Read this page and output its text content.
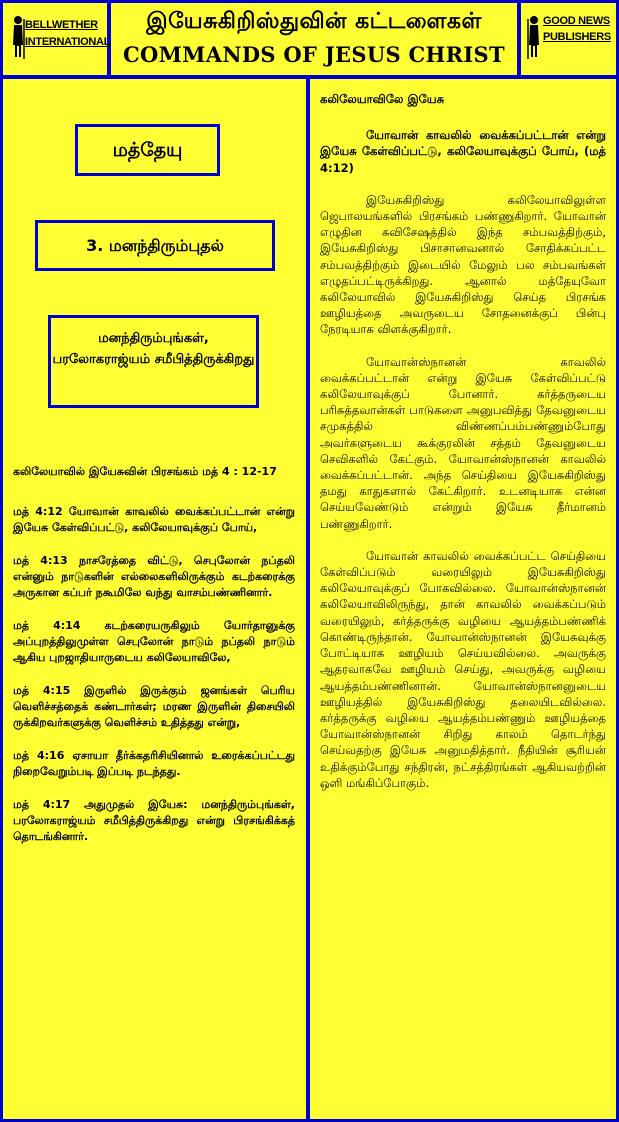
BELLWETHER
INTERNATIONAL
இயேசுகிறிஸ்துவின் கட்டளைகள்
COMMANDS OF JESUS CHRIST
GOOD NEWS
PUBLISHERS
மத்தேயு
3. மனந்திரும்புதல்
மனந்திரும்புங்கள், பரலோகராஜ்யம் சமீபித்திருக்கிறது

கலிலேயாவில் இயேசுவின் பிரசங்கம் மத் 4 : 12-17

மத் 4:12 யோவான் காவலில் வைக்கப்பட்டான் என்று இயேசு கேள்விப்பட்டு, கலிலேயாவுக்குப் போய்,

மத் 4:13 நாசரேத்தை விட்டு, செபுலோன் நப்தலி என்னும் நாடுகளின் எல்லைகளிலிருக்கும் கடற்கரைக்கு அருகான கப்பர் நகூமிலே வந்து வாசம்பண்ணினார்.

மத் 4:14 கடற்கரையருகிலும் யோர்தானுக்கு அப்புறத்திலுமுள்ள செபுலோன் நாடும் நப்தலி நாடும் ஆகிய புறஜாதியாருடைய கலிலேயாவிலே,

மத் 4:15 இருளில் இருக்கும் ஜனங்கள் பெரிய வெளிச்சத்தைக் கண்டார்கள்; மரண இருளின் திசையிலி ருக்கிறவர்களுக்கு வெளிச்சம் உதித்தது என்று,

மத் 4:16 ஏசாயா தீர்க்கதரிசியினால் உரைக்கப்பட்டது நிறைவேறும்படி இப்படி நடந்தது.

மத் 4:17 அதுமுதல் இயேசு: மனந்திரும்புங்கள், பரலோகராஜ்யம் சமீபித்திருக்கிறது என்று பிரசங்கிக்கத் தொடங்கினார்.

கலிலேயாவிலே இயேசு

யோவான் காவலில் வைக்கப்பட்டான் என்று இயேசு கேள்விப்பட்டு, கலிலேயாவுக்குப் போய், (மத் 4:12)

இயேசுகிறிஸ்து கலிலேயாவிலுள்ள ஜெபாலயங்களில் பிரசங்கம் பண்ணுகிறார். யோவான் எழுதின சுவிசேஷத்தில் இந்த சம்பவத்திற்கும், இயேசுகிறிஸ்து பிசாசானவனால் சோதிக்கப்பட்ட சம்பவத்திற்கும் இடையில் மேலும் பல சம்பவங்கள் எழுதப்பட்டிருக்கிறது. ஆனால் மத்தேயுவோ கலிலேயாவில் இயேசுகிறிஸ்து செய்த பிரசங்க ஊழியத்தை அவருடைய சோதனைக்குப் பின்பு நேரடியாக விளக்குகிறார்.

யோவான்ஸ்நானன் காவலில் வைக்கப்பட்டான் என்று இயேசு கேள்விப்பட்டு கலிலேயாவுக்குப் போனார். கர்த்தருடைய பரிசுத்தவான்கள் பாடுகளை அனுபவித்து தேவனுடைய சமுகத்தில் விண்ணப்பம்பண்ணும்போது அவர்களுடைய கூக்குரலின் சத்தம் தேவனுடைய செவிகளில் கேட்கும். யோவான்ஸ்நானன் காவலில் வைக்கப்பட்டான். அந்த செய்தியை இயேசுகிறிஸ்து தமது காதுகளால் கேட்கிறார். உடனடியாக என்ன செய்யவேண்டும் என்றும் இயேசு தீர்மானம் பண்ணுகிறார்.

யோவான் காவலில் வைக்கப்பட்ட செய்தியை கேள்விப்படும் வரையிலும் இயேசுகிறிஸ்து கலிலேயாவுக்குப் போகவில்லை. யோவான்ஸ்நானன் கலிலேயாவிலிருந்து, தான் காவலில் வைக்கப்படும் வரையிலும், கர்த்தருக்கு வழியை ஆயத்தம்பண்ணிக் கொண்டிருந்தான். யோவான்ஸ்நானன் இயேசுவுக்கு போட்டியாக ஊழியம் செய்யவில்லை. அவருக்கு ஆதரவாகவே ஊழியம் செய்து, அவருக்கு வழியை ஆயத்தம்பண்ணினான். யோவான்ஸ்நானனுடைய ஊழியத்தில் இயேசுகிறிஸ்து தலையிடவில்லை. கர்த்தருக்கு வழியை ஆயத்தம்பண்ணும் ஊழியத்தை யோவான்ஸ்நானன் சிறிது காலம் தொடர்ந்து செய்வதற்கு இயேசு அனுமதித்தார். நீதியின் சூரியன் உதிக்கும்போது சந்திரன், நட்சத்திரங்கள் ஆகியவற்றின் ஒளி மங்கிப்போகும்.
